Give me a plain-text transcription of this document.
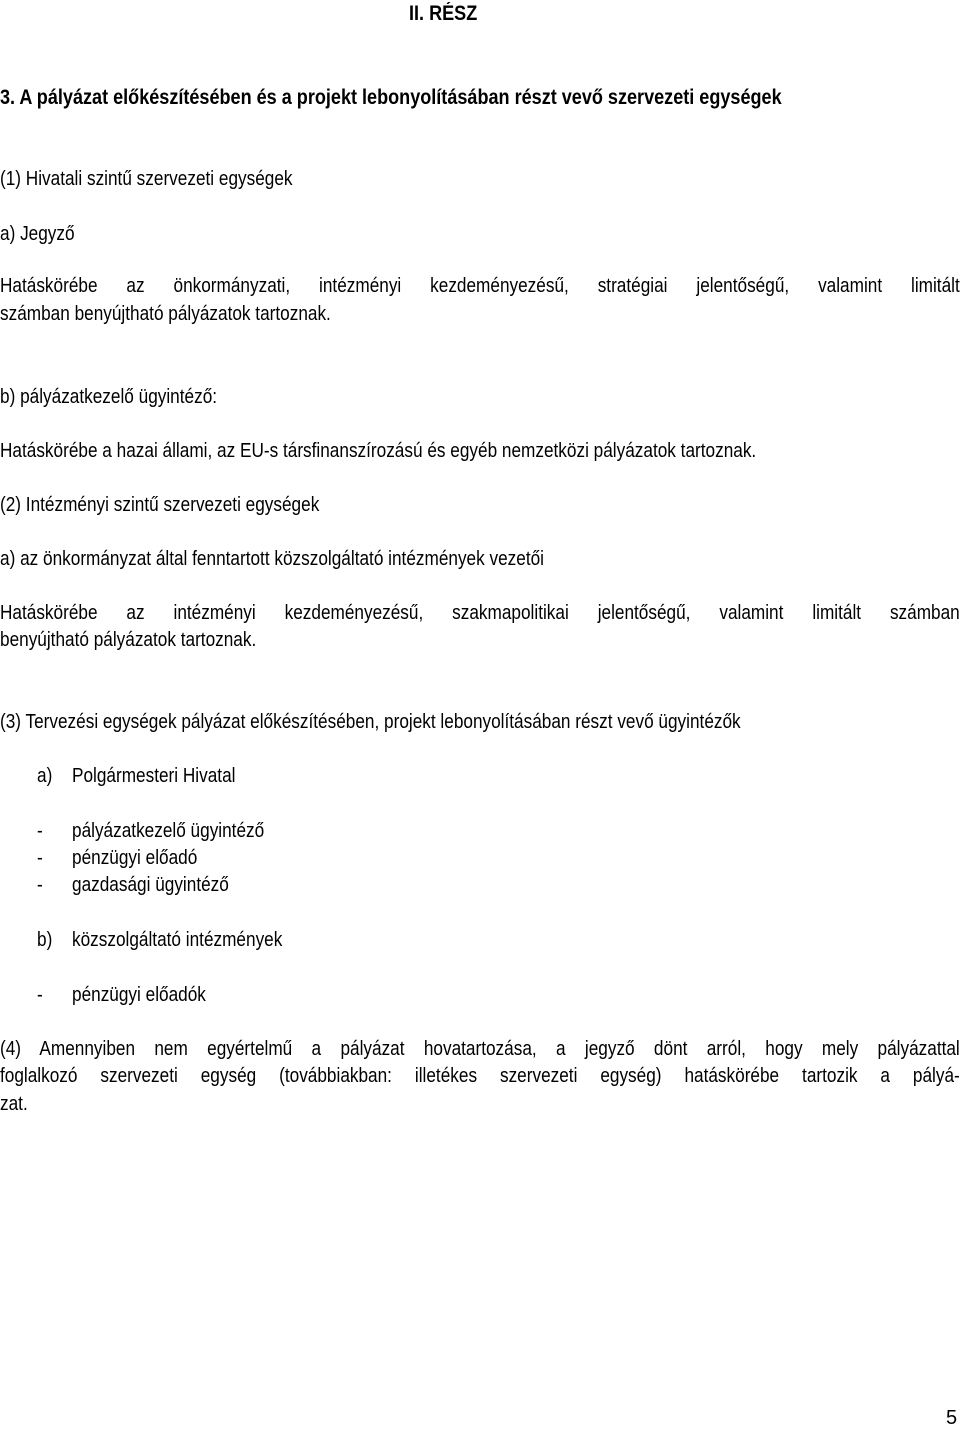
II. RÉSZ
3. A pályázat előkészítésében és a projekt lebonyolításában részt vevő szervezeti egységek
(1) Hivatali szintű szervezeti egységek
a) Jegyző
Hatáskörébe az önkormányzati, intézményi kezdeményezésű, stratégiai jelentőségű, valamint limitált
számban benyújtható pályázatok tartoznak.
b) pályázatkezelő ügyintéző:
Hatáskörébe a hazai állami, az EU-s társfinanszírozású és egyéb nemzetközi pályázatok tartoznak.
(2) Intézményi szintű szervezeti egységek
a) az önkormányzat által fenntartott közszolgáltató intézmények vezetői
Hatáskörébe az intézményi kezdeményezésű, szakmapolitikai jelentőségű, valamint limitált számban
benyújtható pályázatok tartoznak.
(3) Tervezési egységek pályázat előkészítésében, projekt lebonyolításában részt vevő ügyintézők
a) Polgármesteri Hivatal
- pályázatkezelő ügyintéző
- pénzügyi előadó
- gazdasági ügyintéző
b) közszolgáltató intézmények
- pénzügyi előadók
(4) Amennyiben nem egyértelmű a pályázat hovatartozása, a jegyző dönt arról, hogy mely pályázattal
foglalkozó szervezeti egység (továbbiakban: illetékes szervezeti egység) hatáskörébe tartozik a pályá-
zat.
5
